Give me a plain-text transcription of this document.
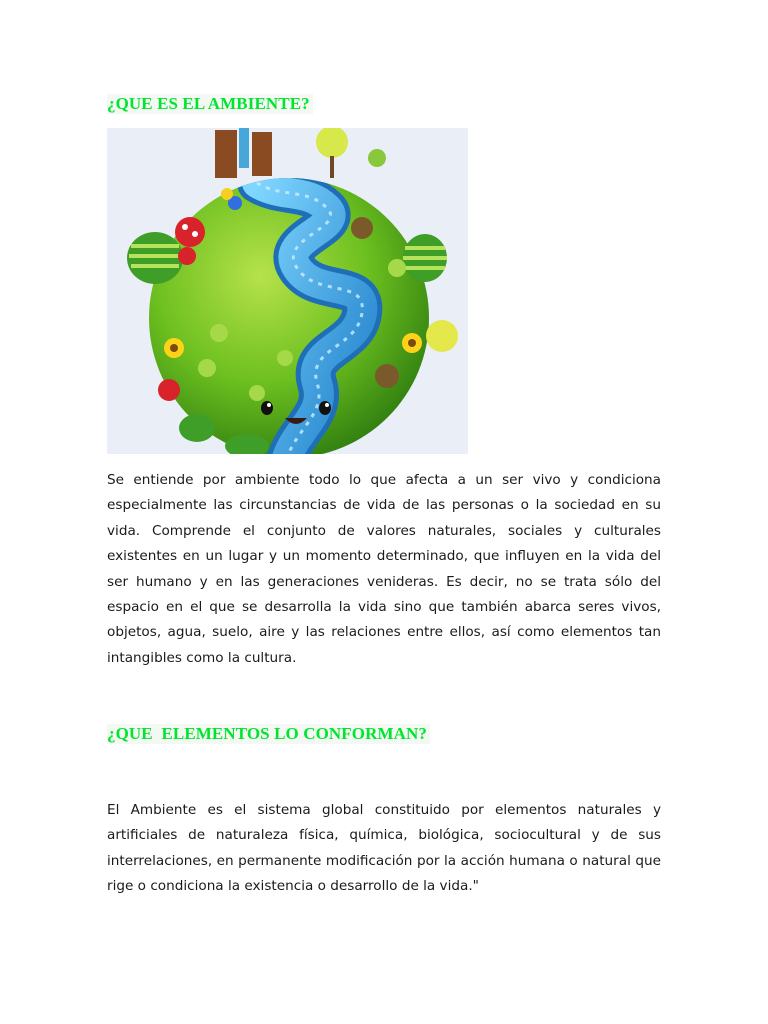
¿QUE ES EL AMBIENTE?

Se entiende por ambiente todo lo que afecta a un ser vivo y condiciona especialmente las circunstancias de vida de las personas o la sociedad en su vida. Comprende el conjunto de valores naturales, sociales y culturales existentes en un lugar y un momento determinado, que influyen en la vida del ser humano y en las generaciones venideras. Es decir, no se trata sólo del espacio en el que se desarrolla la vida sino que también abarca seres vivos, objetos, agua, suelo, aire y las relaciones entre ellos, así como elementos tan intangibles como la cultura.

¿QUE  ELEMENTOS LO CONFORMAN?

El Ambiente es el sistema global constituido por elementos naturales y artificiales de naturaleza física, química, biológica, sociocultural y de sus interrelaciones, en permanente modificación por la acción humana o natural que rige o condiciona la existencia o desarrollo de la vida."
